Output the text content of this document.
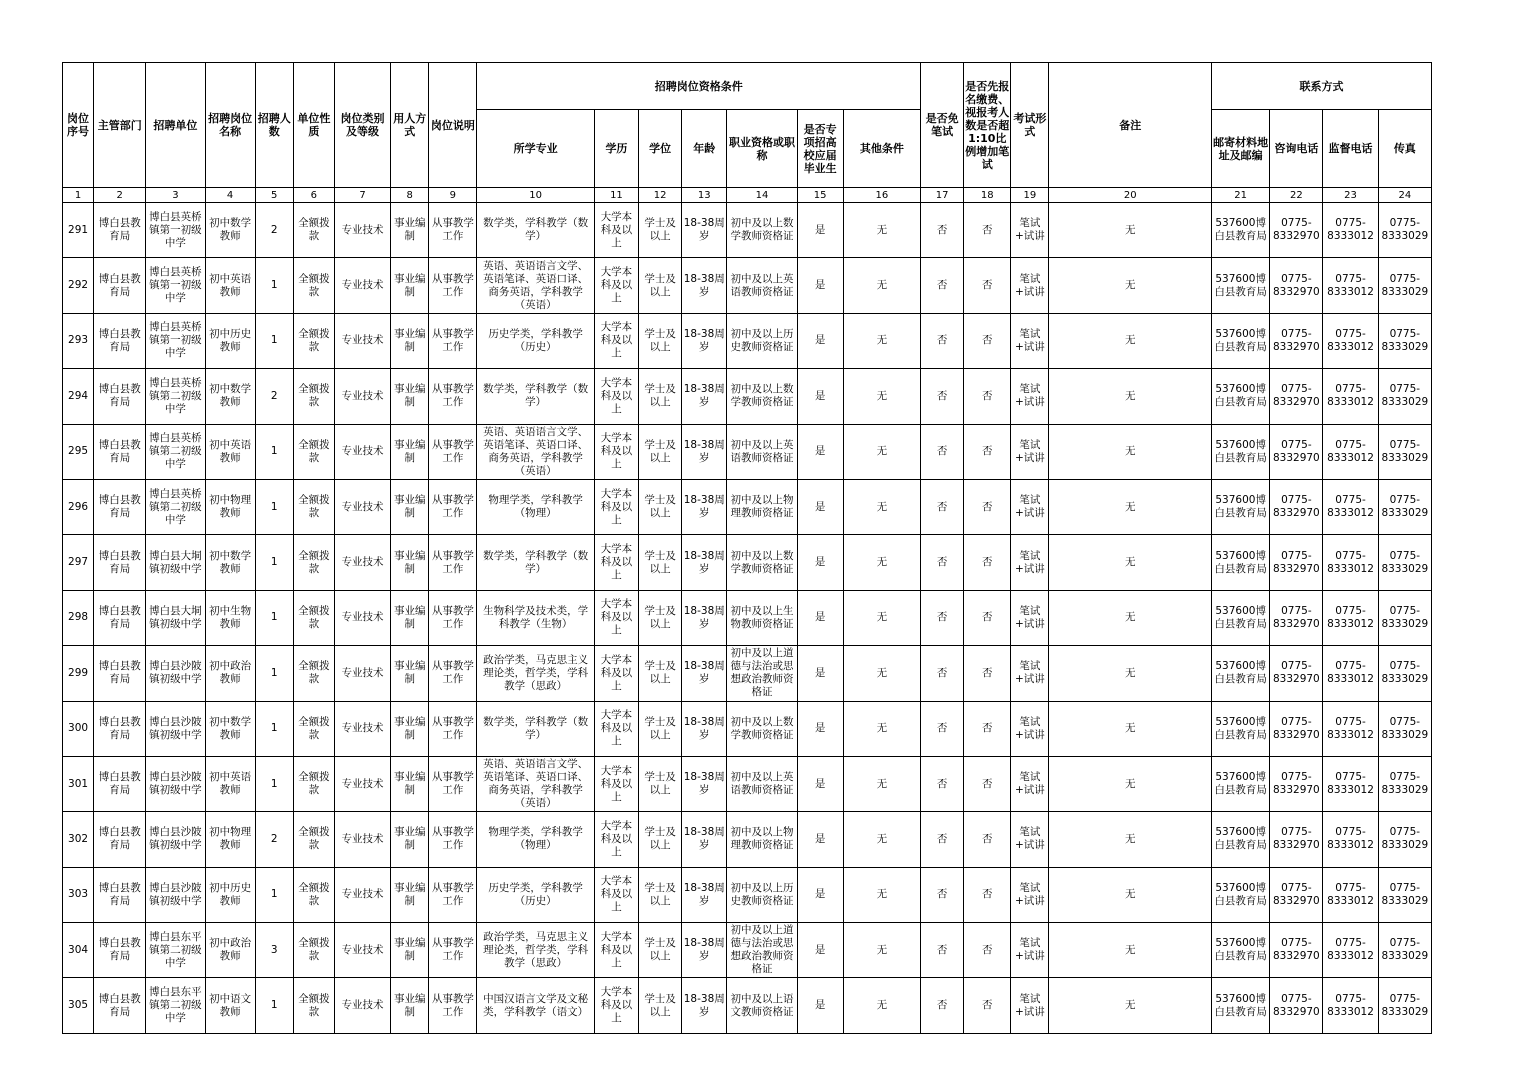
岗位序号	主管部门	招聘单位	招聘岗位名称	招聘人数	单位性质	岗位类别及等级	用人方式	岗位说明	招聘岗位资格条件							是否免笔试	是否先报名缴费、视报考人数是否超1:10比例增加笔试	考试形式	备注	联系方式			
									所学专业	学历	学位	年龄	职业资格或职称	是否专项招高校应届毕业生	其他条件					邮寄材料地址及邮编	咨询电话	监督电话	传真
1	2	3	4	5	6	7	8	9	10	11	12	13	14	15	16	17	18	19	20	21	22	23	24
291	博白县教育局	博白县英桥镇第一初级中学	初中数学教师	2	全额拨款	专业技术	事业编制	从事教学工作	数学类，学科教学（数学）	大学本科及以上	学士及以上	18-38周岁	初中及以上数学教师资格证	是	无	否	否	笔试+试讲	无	537600博白县教育局	0775-8332970	0775-8333012	0775-8333029
292	博白县教育局	博白县英桥镇第一初级中学	初中英语教师	1	全额拨款	专业技术	事业编制	从事教学工作	英语、英语语言文学、英语笔译、英语口译、商务英语，学科教学（英语）	大学本科及以上	学士及以上	18-38周岁	初中及以上英语教师资格证	是	无	否	否	笔试+试讲	无	537600博白县教育局	0775-8332970	0775-8333012	0775-8333029
293	博白县教育局	博白县英桥镇第一初级中学	初中历史教师	1	全额拨款	专业技术	事业编制	从事教学工作	历史学类，学科教学（历史）	大学本科及以上	学士及以上	18-38周岁	初中及以上历史教师资格证	是	无	否	否	笔试+试讲	无	537600博白县教育局	0775-8332970	0775-8333012	0775-8333029
294	博白县教育局	博白县英桥镇第二初级中学	初中数学教师	2	全额拨款	专业技术	事业编制	从事教学工作	数学类，学科教学（数学）	大学本科及以上	学士及以上	18-38周岁	初中及以上数学教师资格证	是	无	否	否	笔试+试讲	无	537600博白县教育局	0775-8332970	0775-8333012	0775-8333029
295	博白县教育局	博白县英桥镇第二初级中学	初中英语教师	1	全额拨款	专业技术	事业编制	从事教学工作	英语、英语语言文学、英语笔译、英语口译、商务英语，学科教学（英语）	大学本科及以上	学士及以上	18-38周岁	初中及以上英语教师资格证	是	无	否	否	笔试+试讲	无	537600博白县教育局	0775-8332970	0775-8333012	0775-8333029
296	博白县教育局	博白县英桥镇第二初级中学	初中物理教师	1	全额拨款	专业技术	事业编制	从事教学工作	物理学类，学科教学（物理）	大学本科及以上	学士及以上	18-38周岁	初中及以上物理教师资格证	是	无	否	否	笔试+试讲	无	537600博白县教育局	0775-8332970	0775-8333012	0775-8333029
297	博白县教育局	博白县大垌镇初级中学	初中数学教师	1	全额拨款	专业技术	事业编制	从事教学工作	数学类，学科教学（数学）	大学本科及以上	学士及以上	18-38周岁	初中及以上数学教师资格证	是	无	否	否	笔试+试讲	无	537600博白县教育局	0775-8332970	0775-8333012	0775-8333029
298	博白县教育局	博白县大垌镇初级中学	初中生物教师	1	全额拨款	专业技术	事业编制	从事教学工作	生物科学及技术类，学科教学（生物）	大学本科及以上	学士及以上	18-38周岁	初中及以上生物教师资格证	是	无	否	否	笔试+试讲	无	537600博白县教育局	0775-8332970	0775-8333012	0775-8333029
299	博白县教育局	博白县沙陂镇初级中学	初中政治教师	1	全额拨款	专业技术	事业编制	从事教学工作	政治学类，马克思主义理论类，哲学类，学科教学（思政）	大学本科及以上	学士及以上	18-38周岁	初中及以上道德与法治或思想政治教师资格证	是	无	否	否	笔试+试讲	无	537600博白县教育局	0775-8332970	0775-8333012	0775-8333029
300	博白县教育局	博白县沙陂镇初级中学	初中数学教师	1	全额拨款	专业技术	事业编制	从事教学工作	数学类，学科教学（数学）	大学本科及以上	学士及以上	18-38周岁	初中及以上数学教师资格证	是	无	否	否	笔试+试讲	无	537600博白县教育局	0775-8332970	0775-8333012	0775-8333029
301	博白县教育局	博白县沙陂镇初级中学	初中英语教师	1	全额拨款	专业技术	事业编制	从事教学工作	英语、英语语言文学、英语笔译、英语口译、商务英语，学科教学（英语）	大学本科及以上	学士及以上	18-38周岁	初中及以上英语教师资格证	是	无	否	否	笔试+试讲	无	537600博白县教育局	0775-8332970	0775-8333012	0775-8333029
302	博白县教育局	博白县沙陂镇初级中学	初中物理教师	2	全额拨款	专业技术	事业编制	从事教学工作	物理学类，学科教学（物理）	大学本科及以上	学士及以上	18-38周岁	初中及以上物理教师资格证	是	无	否	否	笔试+试讲	无	537600博白县教育局	0775-8332970	0775-8333012	0775-8333029
303	博白县教育局	博白县沙陂镇初级中学	初中历史教师	1	全额拨款	专业技术	事业编制	从事教学工作	历史学类，学科教学（历史）	大学本科及以上	学士及以上	18-38周岁	初中及以上历史教师资格证	是	无	否	否	笔试+试讲	无	537600博白县教育局	0775-8332970	0775-8333012	0775-8333029
304	博白县教育局	博白县东平镇第二初级中学	初中政治教师	3	全额拨款	专业技术	事业编制	从事教学工作	政治学类，马克思主义理论类，哲学类，学科教学（思政）	大学本科及以上	学士及以上	18-38周岁	初中及以上道德与法治或思想政治教师资格证	是	无	否	否	笔试+试讲	无	537600博白县教育局	0775-8332970	0775-8333012	0775-8333029
305	博白县教育局	博白县东平镇第二初级中学	初中语文教师	1	全额拨款	专业技术	事业编制	从事教学工作	中国汉语言文学及文秘类，学科教学（语文）	大学本科及以上	学士及以上	18-38周岁	初中及以上语文教师资格证	是	无	否	否	笔试+试讲	无	537600博白县教育局	0775-8332970	0775-8333012	0775-8333029
